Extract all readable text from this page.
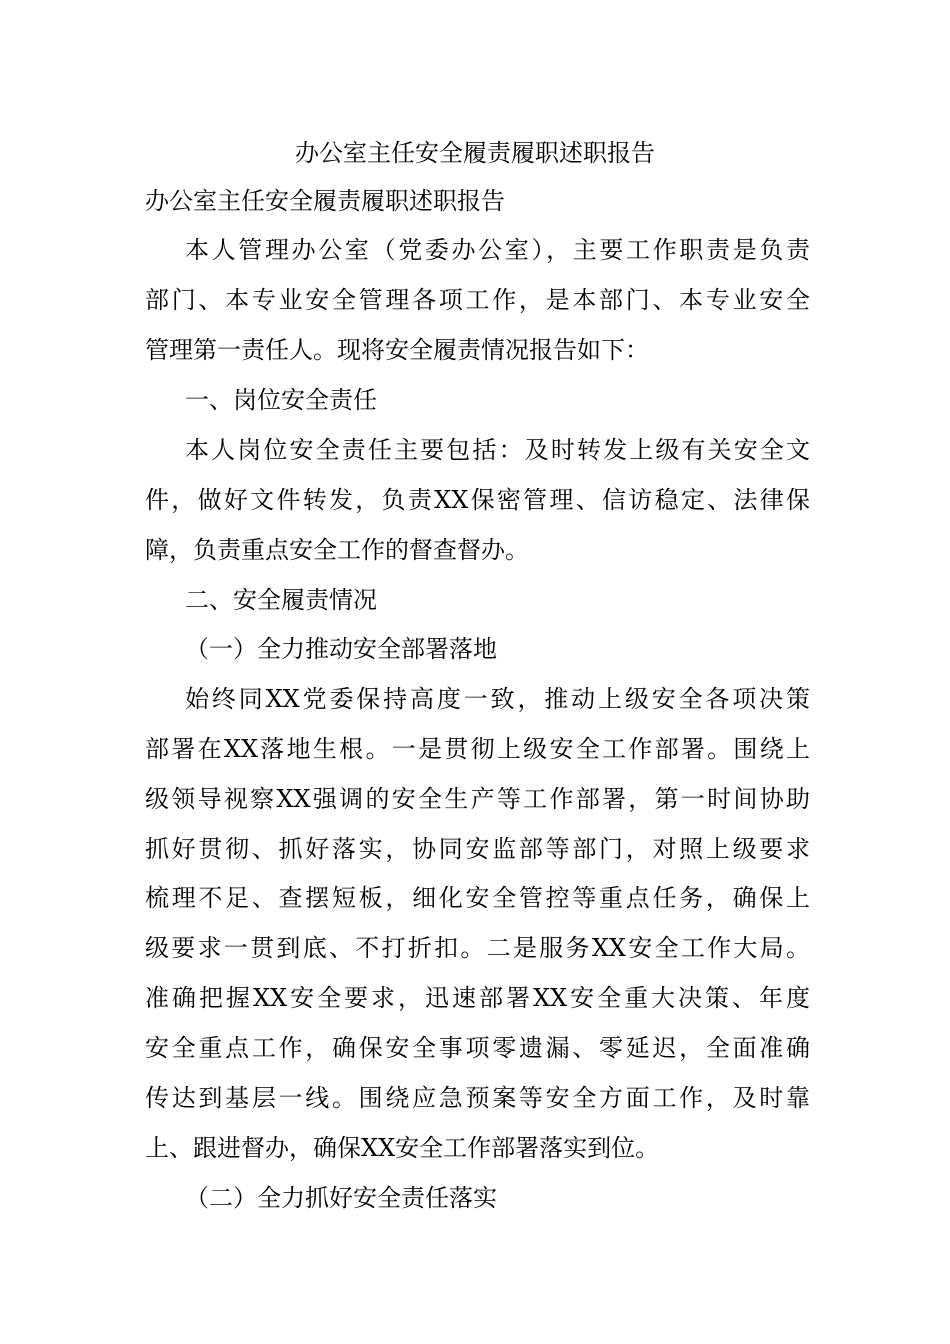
办公室主任安全履责履职述职报告
办公室主任安全履责履职述职报告
本人管理办公室（党委办公室），主要工作职责是负责
部门、本专业安全管理各项工作，是本部门、本专业安全
管理第一责任人。现将安全履责情况报告如下：
一、岗位安全责任
本人岗位安全责任主要包括：及时转发上级有关安全文
件，做好文件转发，负责XX保密管理、信访稳定、法律保
障，负责重点安全工作的督查督办。
二、安全履责情况
（一）全力推动安全部署落地
始终同XX党委保持高度一致，推动上级安全各项决策
部署在XX落地生根。一是贯彻上级安全工作部署。围绕上
级领导视察XX强调的安全生产等工作部署，第一时间协助
抓好贯彻、抓好落实，协同安监部等部门，对照上级要求
梳理不足、查摆短板，细化安全管控等重点任务，确保上
级要求一贯到底、不打折扣。二是服务XX安全工作大局。
准确把握XX安全要求，迅速部署XX安全重大决策、年度
安全重点工作，确保安全事项零遗漏、零延迟，全面准确
传达到基层一线。围绕应急预案等安全方面工作，及时靠
上、跟进督办，确保XX安全工作部署落实到位。
（二）全力抓好安全责任落实
